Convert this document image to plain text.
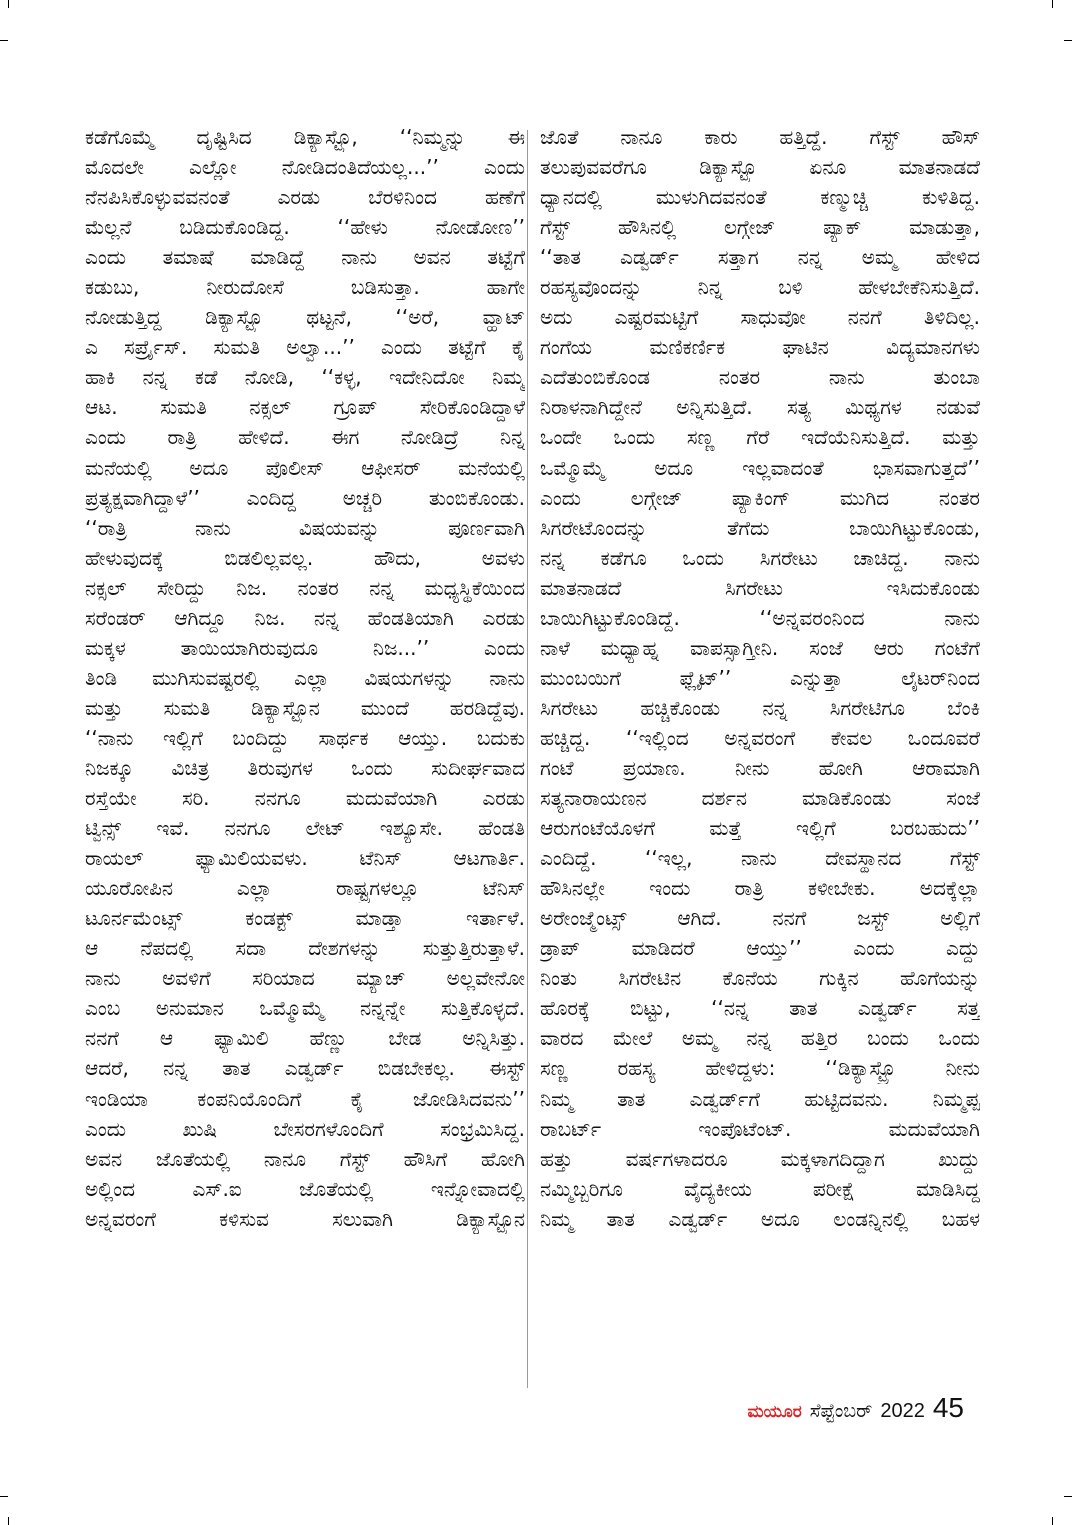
ಕಡೆಗೊಮ್ಮೆ ದೃಷ್ಟಿಸಿದ ಡಿಕ್ಯಾಸ್ಟ್ರೊ, ‘‘ನಿಮ್ಮನ್ನು ಈ
ಮೊದಲೇ ಎಲ್ಲೋ ನೋಡಿದಂತಿದೆಯಲ್ಲ...’’ ಎಂದು
ನೆನಪಿಸಿಕೊಳ್ಳುವವನಂತೆ ಎರಡು ಬೆರಳಿನಿಂದ ಹಣೆಗೆ
ಮೆಲ್ಲನೆ ಬಡಿದುಕೊಂಡಿದ್ದ. ‘‘ಹೇಳು ನೋಡೋಣ’’
ಎಂದು ತಮಾಷೆ ಮಾಡಿದ್ದೆ ನಾನು ಅವನ ತಟ್ಟೆಗೆ
ಕಡುಬು, ನೀರುದೋಸೆ ಬಡಿಸುತ್ತಾ. ಹಾಗೇ
ನೋಡುತ್ತಿದ್ದ ಡಿಕ್ಯಾಸ್ಟ್ರೊ ಥಟ್ಟನೆ, ‘‘ಅರೆ, ವ್ಹಾಟ್
ಎ ಸರ್ಪ್ರೈಸ್. ಸುಮತಿ ಅಲ್ವಾ...’’ ಎಂದು ತಟ್ಟೆಗೆ ಕೈ
ಹಾಕಿ ನನ್ನ ಕಡೆ ನೋಡಿ, ‘‘ಕಳ್ಳ, ಇದೇನಿದೋ ನಿಮ್ಮ
ಆಟ. ಸುಮತಿ ನಕ್ಸಲ್ ಗ್ರೂಪ್ ಸೇರಿಕೊಂಡಿದ್ದಾಳೆ
ಎಂದು ರಾತ್ರಿ ಹೇಳಿದೆ. ಈಗ ನೋಡಿದ್ರೆ ನಿನ್ನ
ಮನೆಯಲ್ಲಿ ಅದೂ ಪೊಲೀಸ್ ಆಫೀಸರ್ ಮನೆಯಲ್ಲಿ
ಪ್ರತ್ಯಕ್ಷವಾಗಿದ್ದಾಳೆ’’ ಎಂದಿದ್ದ ಅಚ್ಚರಿ ತುಂಬಿಕೊಂಡು.
‘‘ರಾತ್ರಿ ನಾನು ವಿಷಯವನ್ನು ಪೂರ್ಣವಾಗಿ
ಹೇಳುವುದಕ್ಕೆ ಬಿಡಲಿಲ್ಲವಲ್ಲ. ಹೌದು, ಅವಳು
ನಕ್ಸಲ್ ಸೇರಿದ್ದು ನಿಜ. ನಂತರ ನನ್ನ ಮಧ್ಯಸ್ಥಿಕೆಯಿಂದ
ಸರೆಂಡರ್ ಆಗಿದ್ದೂ ನಿಜ. ನನ್ನ ಹೆಂಡತಿಯಾಗಿ ಎರಡು
ಮಕ್ಕಳ ತಾಯಿಯಾಗಿರುವುದೂ ನಿಜ...’’ ಎಂದು
ತಿಂಡಿ ಮುಗಿಸುವಷ್ಟರಲ್ಲಿ ಎಲ್ಲಾ ವಿಷಯಗಳನ್ನು ನಾನು
ಮತ್ತು ಸುಮತಿ ಡಿಕ್ಯಾಸ್ಟ್ರೊನ ಮುಂದೆ ಹರಡಿದ್ದೆವು.
‘‘ನಾನು ಇಲ್ಲಿಗೆ ಬಂದಿದ್ದು ಸಾರ್ಥಕ ಆಯ್ತು. ಬದುಕು
ನಿಜಕ್ಕೂ ವಿಚಿತ್ರ ತಿರುವುಗಳ ಒಂದು ಸುದೀರ್ಘವಾದ
ರಸ್ತೆಯೇ ಸರಿ. ನನಗೂ ಮದುವೆಯಾಗಿ ಎರಡು
ಟ್ವಿನ್ಸ್ ಇವೆ. ನನಗೂ ಲೇಟ್ ಇಶ್ಯೂಸೇ. ಹೆಂಡತಿ
ರಾಯಲ್ ಫ್ಯಾಮಿಲಿಯವಳು. ಟೆನಿಸ್ ಆಟಗಾರ್ತಿ.
ಯೂರೋಪಿನ ಎಲ್ಲಾ ರಾಷ್ಟ್ರಗಳಲ್ಲೂ ಟೆನಿಸ್
ಟೂರ್ನಮೆಂಟ್ಸ್ ಕಂಡಕ್ಟ್ ಮಾಡ್ತಾ ಇರ್ತಾಳೆ.
ಆ ನೆಪದಲ್ಲಿ ಸದಾ ದೇಶಗಳನ್ನು ಸುತ್ತುತ್ತಿರುತ್ತಾಳೆ.
ನಾನು ಅವಳಿಗೆ ಸರಿಯಾದ ಮ್ಯಾಚ್ ಅಲ್ಲವೇನೋ
ಎಂಬ ಅನುಮಾನ ಒಮ್ಮೊಮ್ಮೆ ನನ್ನನ್ನೇ ಸುತ್ತಿಕೊಳ್ಳದೆ.
ನನಗೆ ಆ ಫ್ಯಾಮಿಲಿ ಹೆಣ್ಣು ಬೇಡ ಅನ್ನಿಸಿತ್ತು.
ಆದರೆ, ನನ್ನ ತಾತ ಎಡ್ವರ್ಡ್ ಬಿಡಬೇಕಲ್ಲ. ಈಸ್ಟ್
ಇಂಡಿಯಾ ಕಂಪನಿಯೊಂದಿಗೆ ಕೈ ಜೋಡಿಸಿದವನು’’
ಎಂದು ಖುಷಿ ಬೇಸರಗಳೊಂದಿಗೆ ಸಂಭ್ರಮಿಸಿದ್ದ.
ಅವನ ಜೊತೆಯಲ್ಲಿ ನಾನೂ ಗೆಸ್ಟ್ ಹೌಸಿಗೆ ಹೋಗಿ
ಅಲ್ಲಿಂದ ಎಸ್.ಐ ಜೊತೆಯಲ್ಲಿ ಇನ್ನೋವಾದಲ್ಲಿ
ಅನ್ನವರಂಗೆ ಕಳಿಸುವ ಸಲುವಾಗಿ ಡಿಕ್ಯಾಸ್ಟ್ರೊನ
ಜೊತೆ ನಾನೂ ಕಾರು ಹತ್ತಿದ್ದೆ. ಗೆಸ್ಟ್ ಹೌಸ್
ತಲುಪುವವರೆಗೂ ಡಿಕ್ಯಾಸ್ಟ್ರೊ ಏನೂ ಮಾತನಾಡದೆ
ಧ್ಯಾನದಲ್ಲಿ ಮುಳುಗಿದವನಂತೆ ಕಣ್ಮುಚ್ಚಿ ಕುಳಿತಿದ್ದ.
ಗೆಸ್ಟ್ ಹೌಸಿನಲ್ಲಿ ಲಗ್ಗೇಜ್ ಪ್ಯಾಕ್ ಮಾಡುತ್ತಾ,
‘‘ತಾತ ಎಡ್ವರ್ಡ್ ಸತ್ತಾಗ ನನ್ನ ಅಮ್ಮ ಹೇಳಿದ
ರಹಸ್ಯವೊಂದನ್ನು ನಿನ್ನ ಬಳಿ ಹೇಳಬೇಕೆನಿಸುತ್ತಿದೆ.
ಅದು ಎಷ್ಟರಮಟ್ಟಿಗೆ ಸಾಧುವೋ ನನಗೆ ತಿಳಿದಿಲ್ಲ.
ಗಂಗೆಯ ಮಣಿಕರ್ಣಿಕ ಘಾಟಿನ ವಿದ್ಯಮಾನಗಳು
ಎದೆತುಂಬಿಕೊಂಡ ನಂತರ ನಾನು ತುಂಬಾ
ನಿರಾಳನಾಗಿದ್ದೇನೆ ಅನ್ನಿಸುತ್ತಿದೆ. ಸತ್ಯ ಮಿಥ್ಯಗಳ ನಡುವೆ
ಒಂದೇ ಒಂದು ಸಣ್ಣ ಗೆರೆ ಇದೆಯೆನಿಸುತ್ತಿದೆ. ಮತ್ತು
ಒಮ್ಮೊಮ್ಮೆ ಅದೂ ಇಲ್ಲವಾದಂತೆ ಭಾಸವಾಗುತ್ತದೆ’’
ಎಂದು ಲಗ್ಗೇಜ್ ಪ್ಯಾಕಿಂಗ್ ಮುಗಿದ ನಂತರ
ಸಿಗರೇಟೊಂದನ್ನು ತೆಗೆದು ಬಾಯಿಗಿಟ್ಟುಕೊಂಡು,
ನನ್ನ ಕಡೆಗೂ ಒಂದು ಸಿಗರೇಟು ಚಾಚಿದ್ದ. ನಾನು
ಮಾತನಾಡದೆ ಸಿಗರೇಟು ಇಸಿದುಕೊಂಡು
ಬಾಯಿಗಿಟ್ಟುಕೊಂಡಿದ್ದೆ. ‘‘ಅನ್ನವರಂನಿಂದ ನಾನು
ನಾಳೆ ಮಧ್ಯಾಹ್ನ ವಾಪಸ್ಸಾಗ್ತೀನಿ. ಸಂಜೆ ಆರು ಗಂಟೆಗೆ
ಮುಂಬಯಿಗೆ ಫ್ಲೈಟ್’’ ಎನ್ನುತ್ತಾ ಲೈಟರ್‌ನಿಂದ
ಸಿಗರೇಟು ಹಚ್ಚಿಕೊಂಡು ನನ್ನ ಸಿಗರೇಟಿಗೂ ಬೆಂಕಿ
ಹಚ್ಚಿದ್ದ. ‘‘ಇಲ್ಲಿಂದ ಅನ್ನವರಂಗೆ ಕೇವಲ ಒಂದೂವರೆ
ಗಂಟೆ ಪ್ರಯಾಣ. ನೀನು ಹೋಗಿ ಆರಾಮಾಗಿ
ಸತ್ಯನಾರಾಯಣನ ದರ್ಶನ ಮಾಡಿಕೊಂಡು ಸಂಜೆ
ಆರುಗಂಟೆಯೊಳಗೆ ಮತ್ತೆ ಇಲ್ಲಿಗೆ ಬರಬಹುದು’’
ಎಂದಿದ್ದೆ. ‘‘ಇಲ್ಲ, ನಾನು ದೇವಸ್ಥಾನದ ಗೆಸ್ಟ್
ಹೌಸಿನಲ್ಲೇ ಇಂದು ರಾತ್ರಿ ಕಳೀಬೇಕು. ಅದಕ್ಕೆಲ್ಲಾ
ಅರೇಂಜ್ಮೆಂಟ್ಸ್ ಆಗಿದೆ. ನನಗೆ ಜಸ್ಟ್ ಅಲ್ಲಿಗೆ
ಡ್ರಾಪ್ ಮಾಡಿದರೆ ಆಯ್ತು’’ ಎಂದು ಎದ್ದು
ನಿಂತು ಸಿಗರೇಟಿನ ಕೊನೆಯ ಗುಕ್ಕಿನ ಹೊಗೆಯನ್ನು
ಹೊರಕ್ಕೆ ಬಿಟ್ಟು, ‘‘ನನ್ನ ತಾತ ಎಡ್ವರ್ಡ್ ಸತ್ತ
ವಾರದ ಮೇಲೆ ಅಮ್ಮ ನನ್ನ ಹತ್ತಿರ ಬಂದು ಒಂದು
ಸಣ್ಣ ರಹಸ್ಯ ಹೇಳಿದ್ದಳು: ‘‘ಡಿಕ್ಯಾಸ್ಟ್ರೊ ನೀನು
ನಿಮ್ಮ ತಾತ ಎಡ್ವರ್ಡ್‌ಗೆ ಹುಟ್ಟಿದವನು. ನಿಮ್ಮಪ್ಪ
ರಾಬರ್ಟ್ ಇಂಪೊಟೆಂಟ್. ಮದುವೆಯಾಗಿ
ಹತ್ತು ವರ್ಷಗಳಾದರೂ ಮಕ್ಕಳಾಗದಿದ್ದಾಗ ಖುದ್ದು
ನಮ್ಮಿಬ್ಬರಿಗೂ ವೈದ್ಯಕೀಯ ಪರೀಕ್ಷೆ ಮಾಡಿಸಿದ್ದ
ನಿಮ್ಮ ತಾತ ಎಡ್ವರ್ಡ್ ಅದೂ ಲಂಡನ್ನಿನಲ್ಲಿ ಬಹಳ
ಮಯೂರ ಸೆಪ್ಟೆಂಬರ್ 2022 45
